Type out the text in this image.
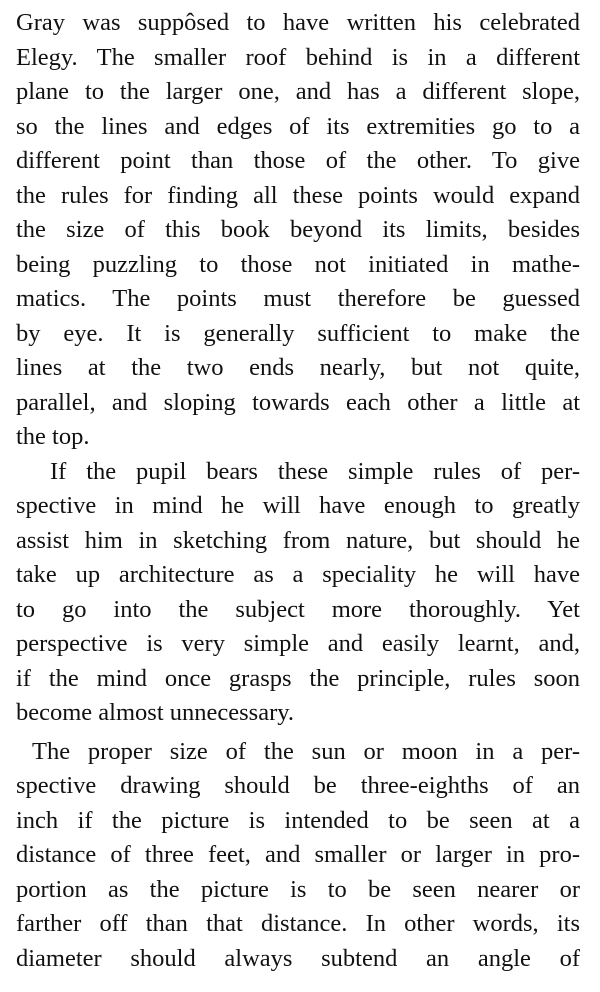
Gray was suppôsed to have written his celebrated
Elegy. The smaller roof behind is in a different
plane to the larger one, and has a different slope,
so the lines and edges of its extremities go to a
different point than those of the other. To give
the rules for finding all these points would expand
the size of this book beyond its limits, besides
being puzzling to those not initiated in mathe-
matics. The points must therefore be guessed
by eye. It is generally sufficient to make the
lines at the two ends nearly, but not quite,
parallel, and sloping towards each other a little at
the top.
If the pupil bears these simple rules of per-
spective in mind he will have enough to greatly
assist him in sketching from nature, but should he
take up architecture as a speciality he will have
to go into the subject more thoroughly. Yet
perspective is very simple and easily learnt, and,
if the mind once grasps the principle, rules soon
become almost unnecessary.
The proper size of the sun or moon in a per-
spective drawing should be three-eighths of an
inch if the picture is intended to be seen at a
distance of three feet, and smaller or larger in pro-
portion as the picture is to be seen nearer or
farther off than that distance. In other words, its
diameter should always subtend an angle of
